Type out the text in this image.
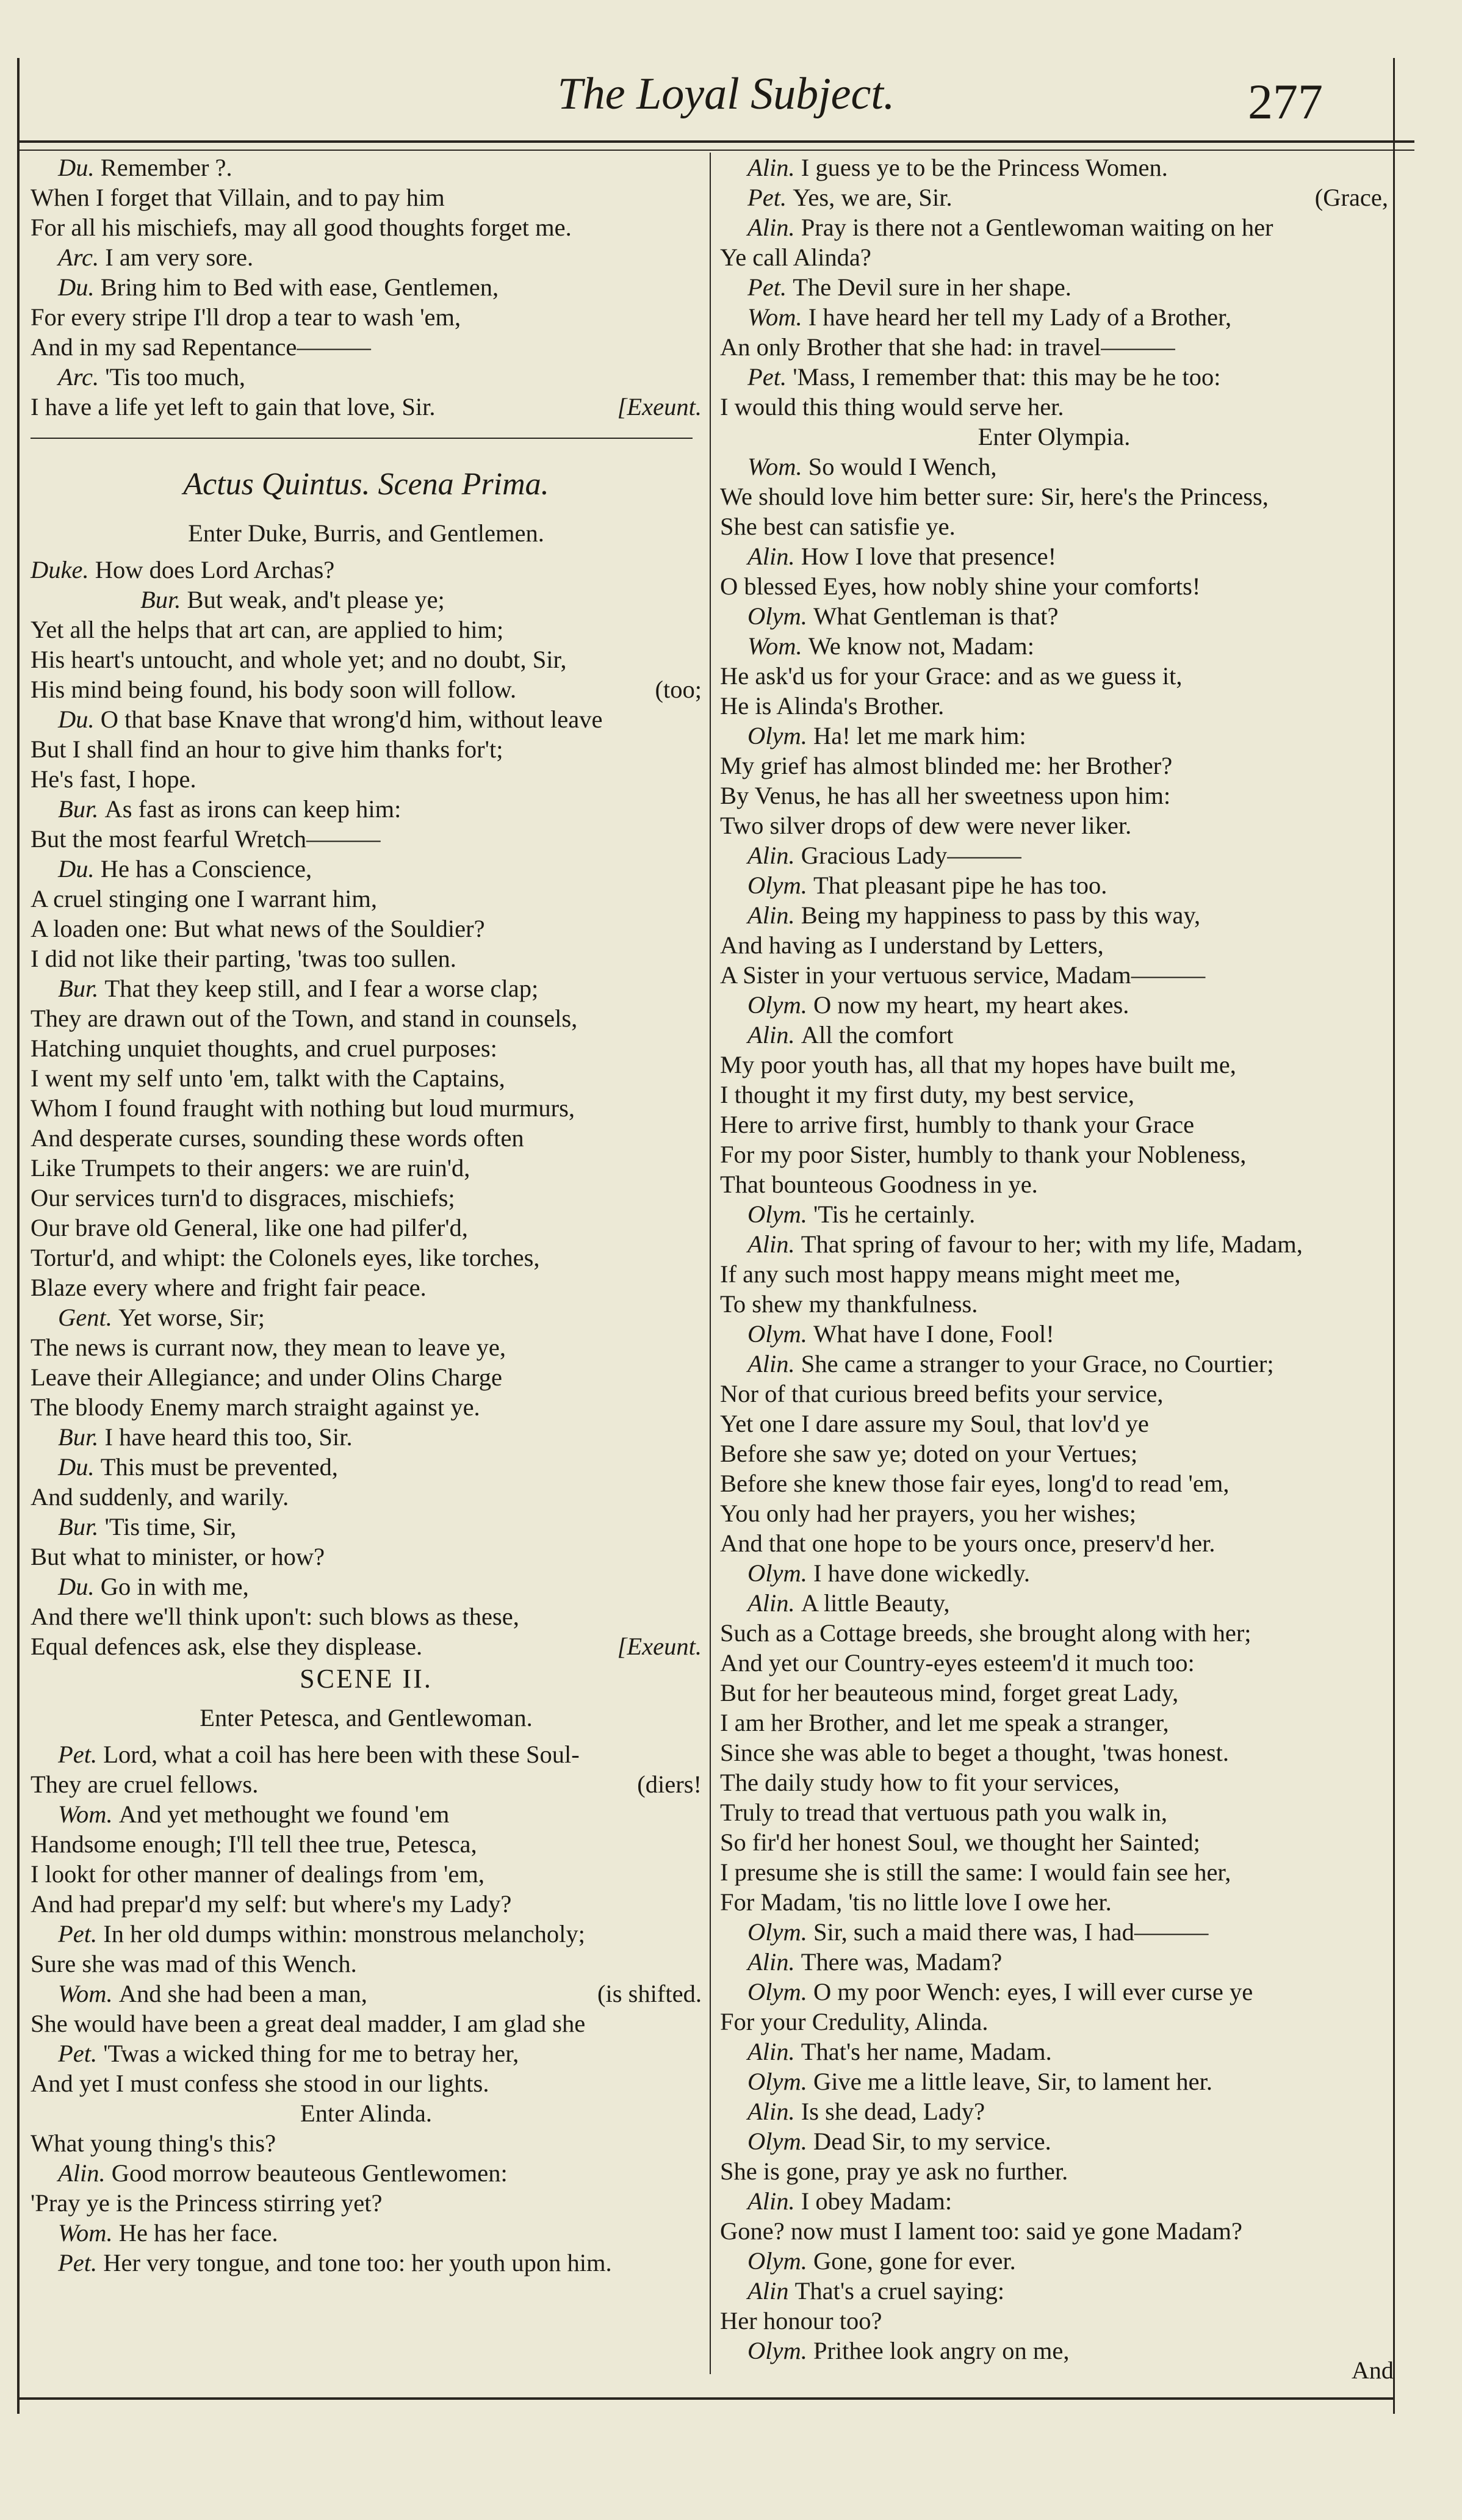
The Loyal Subject.	277
Du. Remember ?.
When I forget that Villain, and to pay him
For all his mischiefs, may all good thoughts forget me.
Arc. I am very sore.
Du. Bring him to Bed with ease, Gentlemen,
For every stripe I'll drop a tear to wash 'em,
And in my sad Repentance———
Arc. 'Tis too much,
I have a life yet left to gain that love, Sir.	[Exeunt.
Actus Quintus. Scena Prima.
Enter Duke, Burris, and Gentlemen.
Duke. How does Lord Archas?
Bur. But weak, and't please ye;
Yet all the helps that art can, are applied to him;
His heart's untoucht, and whole yet; and no doubt, Sir,
His mind being found, his body soon will follow.	(too;
Du. O that base Knave that wrong'd him, without leave
But I shall find an hour to give him thanks for't;
He's fast, I hope.
Bur. As fast as irons can keep him:
But the most fearful Wretch———
Du. He has a Conscience,
A cruel stinging one I warrant him,
A loaden one: But what news of the Souldier?
I did not like their parting, 'twas too sullen.
Bur. That they keep still, and I fear a worse clap;
They are drawn out of the Town, and stand in counsels,
Hatching unquiet thoughts, and cruel purposes:
I went my self unto 'em, talkt with the Captains,
Whom I found fraught with nothing but loud murmurs,
And desperate curses, sounding these words often
Like Trumpets to their angers: we are ruin'd,
Our services turn'd to disgraces, mischiefs;
Our brave old General, like one had pilfer'd,
Tortur'd, and whipt: the Colonels eyes, like torches,
Blaze every where and fright fair peace.
Gent. Yet worse, Sir;
The news is currant now, they mean to leave ye,
Leave their Allegiance; and under Olins Charge
The bloody Enemy march straight against ye.
Bur. I have heard this too, Sir.
Du. This must be prevented,
And suddenly, and warily.
Bur. 'Tis time, Sir,
But what to minister, or how?
Du. Go in with me,
And there we'll think upon't: such blows as these,
Equal defences ask, else they displease.	[Exeunt.
SCENE II.
Enter Petesca, and Gentlewoman.
Pet. Lord, what a coil has here been with these Soul-
They are cruel fellows.	(diers!
Wom. And yet methought we found 'em
Handsome enough; I'll tell thee true, Petesca,
I lookt for other manner of dealings from 'em,
And had prepar'd my self: but where's my Lady?
Pet. In her old dumps within: monstrous melancholy;
Sure she was mad of this Wench.
Wom. And she had been a man,	(is shifted.
She would have been a great deal madder, I am glad she
Pet. 'Twas a wicked thing for me to betray her,
And yet I must confess she stood in our lights.
Enter Alinda.
What young thing's this?
Alin. Good morrow beauteous Gentlewomen:
'Pray ye is the Princess stirring yet?
Wom. He has her face.
Pet. Her very tongue, and tone too: her youth upon him.
Alin. I guess ye to be the Princess Women.
Pet. Yes, we are, Sir.	(Grace,
Alin. Pray is there not a Gentlewoman waiting on her
Ye call Alinda?
Pet. The Devil sure in her shape.
Wom. I have heard her tell my Lady of a Brother,
An only Brother that she had: in travel———
Pet. 'Mass, I remember that: this may be he too:
I would this thing would serve her.
Enter Olympia.
Wom. So would I Wench,
We should love him better sure: Sir, here's the Princess,
She best can satisfie ye.
Alin. How I love that presence!
O blessed Eyes, how nobly shine your comforts!
Olym. What Gentleman is that?
Wom. We know not, Madam:
He ask'd us for your Grace: and as we guess it,
He is Alinda's Brother.
Olym. Ha! let me mark him:
My grief has almost blinded me: her Brother?
By Venus, he has all her sweetness upon him:
Two silver drops of dew were never liker.
Alin. Gracious Lady———
Olym. That pleasant pipe he has too.
Alin. Being my happiness to pass by this way,
And having as I understand by Letters,
A Sister in your vertuous service, Madam———
Olym. O now my heart, my heart akes.
Alin. All the comfort
My poor youth has, all that my hopes have built me,
I thought it my first duty, my best service,
Here to arrive first, humbly to thank your Grace
For my poor Sister, humbly to thank your Nobleness,
That bounteous Goodness in ye.
Olym. 'Tis he certainly.
Alin. That spring of favour to her; with my life, Madam,
If any such most happy means might meet me,
To shew my thankfulness.
Olym. What have I done, Fool!
Alin. She came a stranger to your Grace, no Courtier;
Nor of that curious breed befits your service,
Yet one I dare assure my Soul, that lov'd ye
Before she saw ye; doted on your Vertues;
Before she knew those fair eyes, long'd to read 'em,
You only had her prayers, you her wishes;
And that one hope to be yours once, preserv'd her.
Olym. I have done wickedly.
Alin. A little Beauty,
Such as a Cottage breeds, she brought along with her;
And yet our Country-eyes esteem'd it much too:
But for her beauteous mind, forget great Lady,
I am her Brother, and let me speak a stranger,
Since she was able to beget a thought, 'twas honest.
The daily study how to fit your services,
Truly to tread that vertuous path you walk in,
So fir'd her honest Soul, we thought her Sainted;
I presume she is still the same: I would fain see her,
For Madam, 'tis no little love I owe her.
Olym. Sir, such a maid there was, I had———
Alin. There was, Madam?
Olym. O my poor Wench: eyes, I will ever curse ye
For your Credulity, Alinda.
Alin. That's her name, Madam.
Olym. Give me a little leave, Sir, to lament her.
Alin. Is she dead, Lady?
Olym. Dead Sir, to my service.
She is gone, pray ye ask no further.
Alin. I obey Madam:
Gone? now must I lament too: said ye gone Madam?
Olym. Gone, gone for ever.
Alin That's a cruel saying:
Her honour too?
Olym. Prithee look angry on me,
And
